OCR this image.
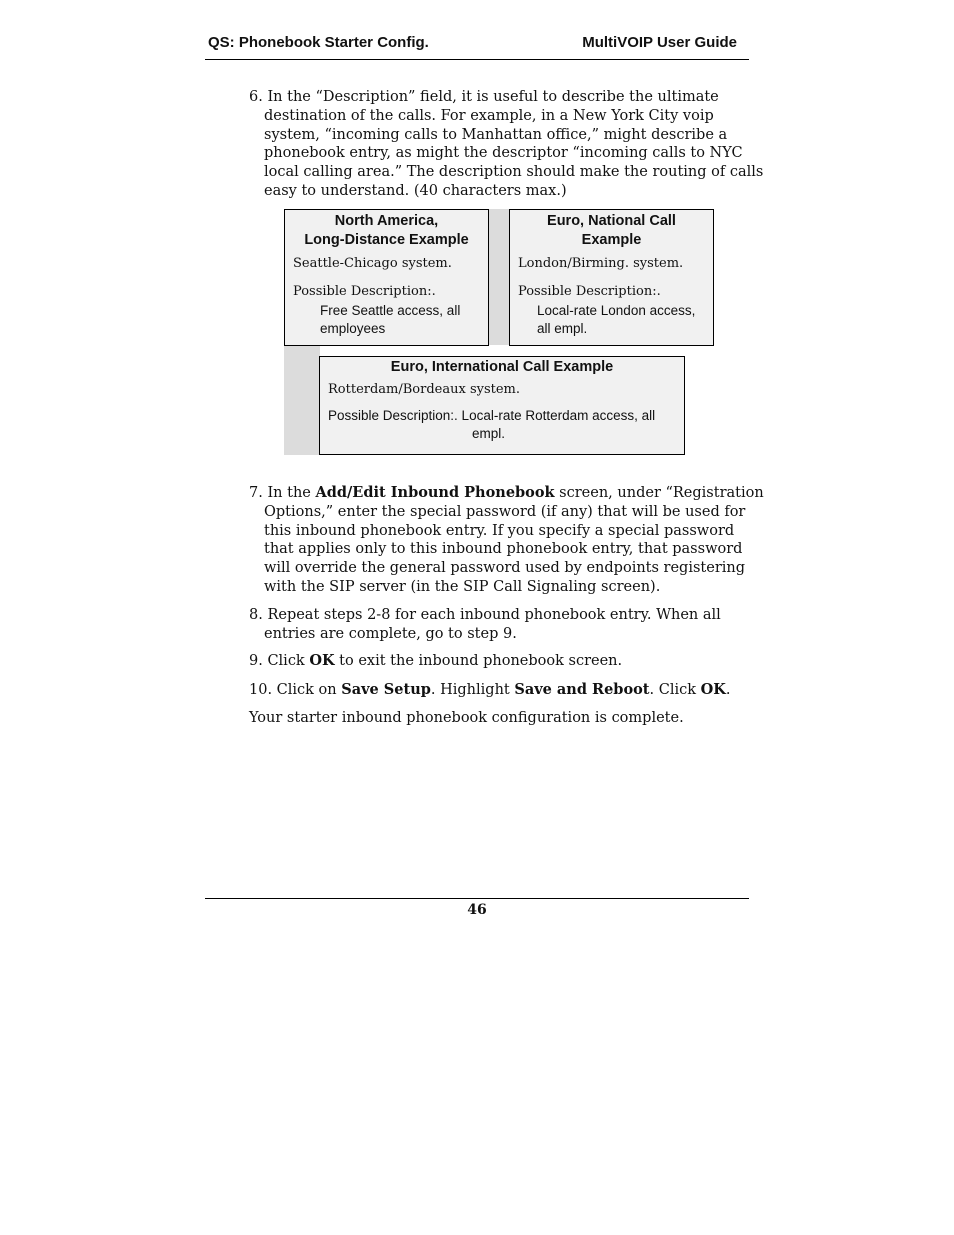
QS: Phonebook Starter Config.	MultiVOIP User Guide

6. In the “Description” field, it is useful to describe the ultimate destination of the calls. For example, in a New York City voip system, “incoming calls to Manhattan office,” might describe a phonebook entry, as might the descriptor “incoming calls to NYC local calling area.” The description should make the routing of calls easy to understand. (40 characters max.)

North America,
Long-Distance Example
Seattle-Chicago system.
Possible Description:.
Free Seattle access, all employees
Euro, National Call
Example
London/Birming. system.
Possible Description:.
Local-rate London access, all empl.
Euro, International Call Example
Rotterdam/Bordeaux system.
Possible Description:. Local-rate Rotterdam access, all
empl.

7. In the Add/Edit Inbound Phonebook screen, under “Registration Options,” enter the special password (if any) that will be used for this inbound phonebook entry. If you specify a special password that applies only to this inbound phonebook entry, that password will override the general password used by endpoints registering with the SIP server (in the SIP Call Signaling screen).

8. Repeat steps 2-8 for each inbound phonebook entry. When all entries are complete, go to step 9.

9. Click OK to exit the inbound phonebook screen.

10. Click on Save Setup. Highlight Save and Reboot. Click OK.

Your starter inbound phonebook configuration is complete.

46
